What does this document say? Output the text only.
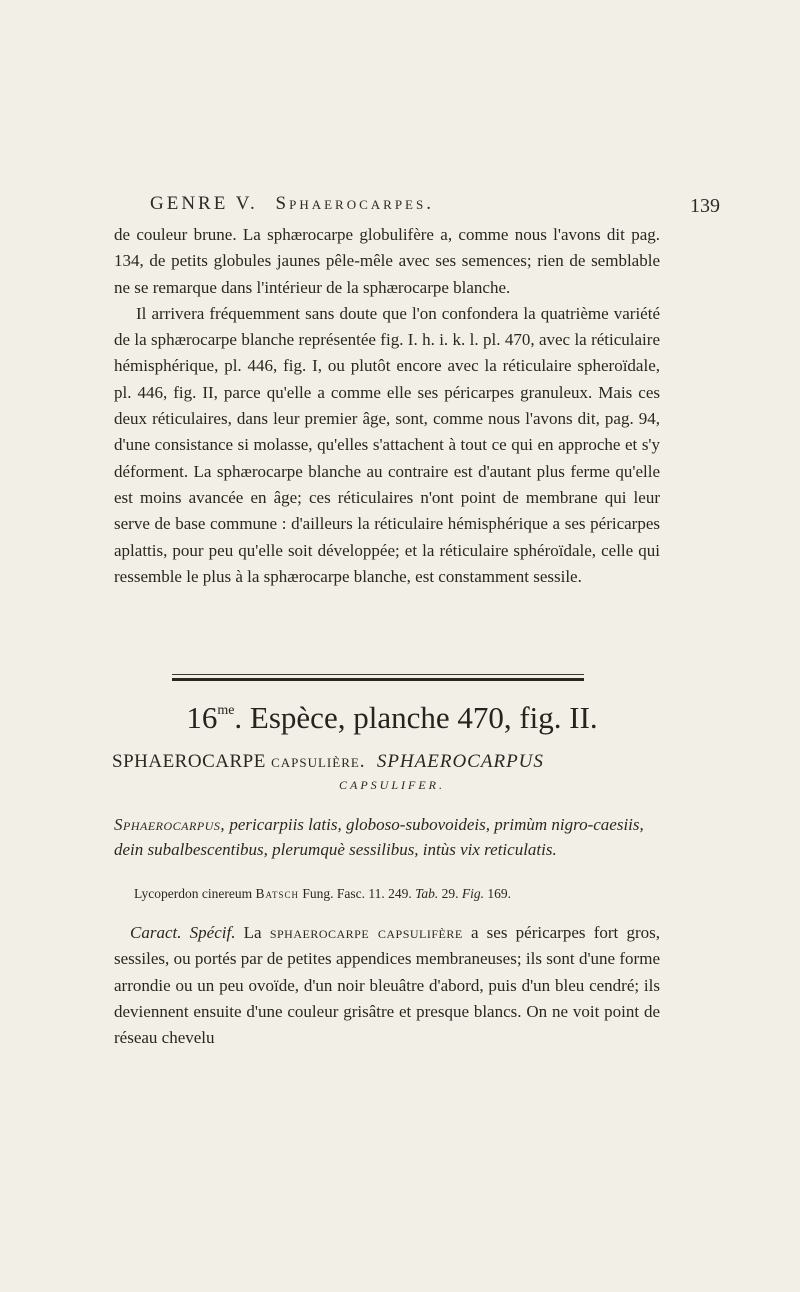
GENRE V. Sphaerocarpes.	139

de couleur brune. La sphærocarpe globulifère a, comme nous l'avons dit pag. 134, de petits globules jaunes pêle-mêle avec ses semences; rien de semblable ne se remarque dans l'intérieur de la sphærocarpe blanche.

Il arrivera fréquemment sans doute que l'on confondera la quatrième variété de la sphærocarpe blanche représentée fig. I. h. i. k. l. pl. 470, avec la réticulaire hémisphérique, pl. 446, fig. I, ou plutôt encore avec la réticulaire spheroïdale, pl. 446, fig. II, parce qu'elle a comme elle ses péricarpes granuleux. Mais ces deux réticulaires, dans leur premier âge, sont, comme nous l'avons dit, pag. 94, d'une consistance si molasse, qu'elles s'attachent à tout ce qui en approche et s'y déforment. La sphærocarpe blanche au contraire est d'autant plus ferme qu'elle est moins avancée en âge; ces réticulaires n'ont point de membrane qui leur serve de base commune : d'ailleurs la réticulaire hémisphérique a ses péricarpes aplattis, pour peu qu'elle soit développée; et la réticulaire sphéroïdale, celle qui ressemble le plus à la sphærocarpe blanche, est constamment sessile.

$16^{me}$. Espèce, planche 470, fig. II.
SPHAEROCARPE capsulière. SPHAEROCARPUS
CAPSULIFER.
Sphaerocarpus, pericarpiis latis, globoso-subovoideis, primùm nigro-caesiis, dein subalbescentibus, plerumquè sessilibus, intùs vix reticulatis.
Lycoperdon cinereum Batsch Fung. Fasc. 11. 249. Tab. 29. Fig. 169.

Caract. Spécif. La sphaerocarpe capsulifère a ses péricarpes fort gros, sessiles, ou portés par de petites appendices membraneuses; ils sont d'une forme arrondie ou un peu ovoïde, d'un noir bleuâtre d'abord, puis d'un bleu cendré; ils deviennent ensuite d'une couleur grisâtre et presque blancs. On ne voit point de réseau chevelu
